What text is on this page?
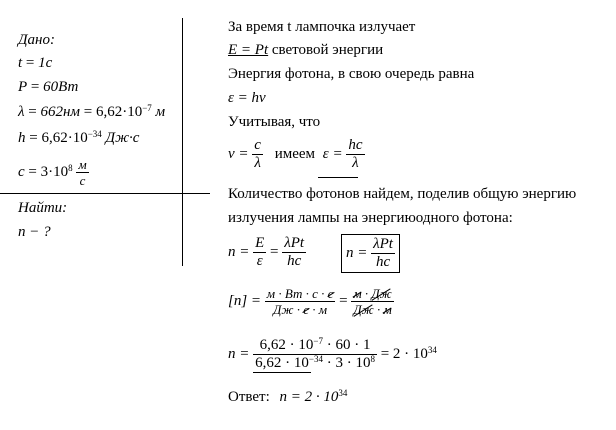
Дано:
t = 1с
P = 60Вт
$\lambda = 662нм = 6,62\cdot 10^{-7}$ м
$h = 6,62\cdot 10^{-34}$ Дж·с
$c = 3\cdot 10^8 \frac{м}{с}$
Найти:
n − ?
За время t лампочка излучает
E = Pt световой энергии
Энергия фотона, в свою очередь равна
ε = hν
Учитывая, что
$\nu = \frac{c}{\lambda}$ имеем $\varepsilon = \frac{hc}{\lambda}$
Количество фотонов найдем, поделив общую энергию
излучения лампы на энергиюодного фотона:
$n = \frac{E}{\varepsilon} = \frac{\text{λPt}}{hc}$	$n = \frac{\text{λPt}}{hc}$
$[n] = \frac{м \cdot Вт \cdot с \cdot с}{Дж \cdot с \cdot м} = \frac{м \cdot Дж}{Дж \cdot м}$
$n = \frac{6,62 \cdot 10^{-7} \cdot 60 \cdot 1}{6,62 \cdot 10^{-34} \cdot 3 \cdot 10^8} = 2 \cdot 10^{34}$
Ответ: $n = 2 \cdot 10^{34}$
